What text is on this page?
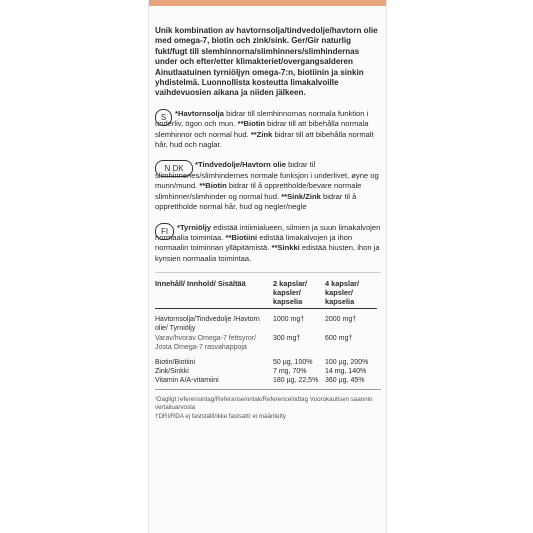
Unik kombination av havtornsolja/tindvedolje/havtorn olie med omega-7, biotin och zink/sink. Ger/Gir naturlig fukt/fugt till slemhinnorna/slimhinners/slimhindernas under och efter/etter klimakteriet/overgangsalderen Ainutlaatuinen tyrniöljyn omega-7:n, biotiinin ja sinkin yhdistelmä. Luonnollista kosteutta limakalvoille vaihdevuosien aikana ja niiden jälkeen.

S	*Havtornsolja bidrar till slemhinnornas normala funktion i underliv, ögon och mun. **Biotin bidrar till att bibehålla normala slemhinnor och normal hud. **Zink bidrar till att bibehålla normalt hår, hud och naglar.

N DK	*Tindvedolje/Havtorn olie bidrar til slimhinnenes/slimhindernes normale funksjon i underlivet, øyne og munn/mund. **Biotin bidrar til å opprettholde/bevare normale slimhinner/slimhinder og normal hud. **Sink/Zink bidrar til å opprettholde normal hår, hud og negler/negle

FI	*Tyrniöljy edistää intiimialueen, silmien ja suun limakalvojen normaalia toimintaa. **Biotiini edistää limakalvojen ja ihon normaalin toiminnan ylläpitämistä. **Sinkki edistää hiusten, ihon ja kynsien normaalia toimintaa.

Innehåll/ Innhold/ Sisältää	2 kapslar/ kapsler/ kapselia	4 kapslar/ kapsler/ kapselia

Havtornsolja/Tindvedolje /Havtorn olie/ Tyrniöljy	1000 mg†	2000 mg†
Varav/hvorav Omega-7 fettsyror/ Josta Omega-7 rasvahappoja	300 mg†	600 mg†

Biotin/Biotiini	50 µg, 100%	100 µg, 200%
Zink/Sinkki	7 mg, 70%	14 mg, 140%
Vitamin A/A-vitamiini	180 µg, 22,5%	360 µg, 45%
¹Dagligt referensintag/Referanseinntak/Referenceindtag Vuorokautisen saannin vertailuarvosta
†DRI/RDA ej fastställt/ikke fastsatt/ ei määritetty
